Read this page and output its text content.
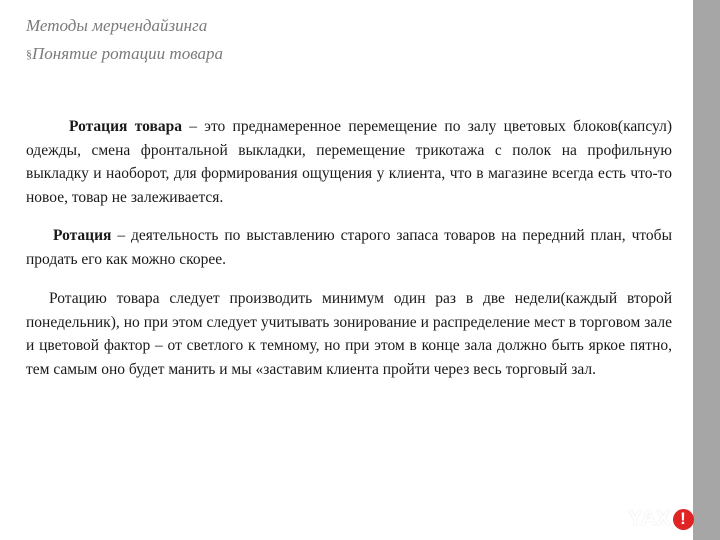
Методы мерчендайзинга
§Понятие ротации товара

Ротация товара – это преднамеренное перемещение по залу цветовых блоков(капсул) одежды, смена фронтальной выкладки, перемещение трикотажа с полок на профильную выкладку и наоборот, для формирования ощущения у клиента, что в магазине всегда есть что-то новое, товар не залеживается.

Ротация – деятельность по выставлению старого запаса товаров на передний план, чтобы продать его как можно скорее.

Ротацию товара следует производить минимум один раз в две недели(каждый второй понедельник), но при этом следует учитывать зонирование и распределение мест в торговом зале и цветовой фактор – от светлого к темному, но при этом в конце зала должно быть яркое пятно, тем самым оно будет манить и мы «заставим клиента пройти через весь торговый зал.

YAX !
